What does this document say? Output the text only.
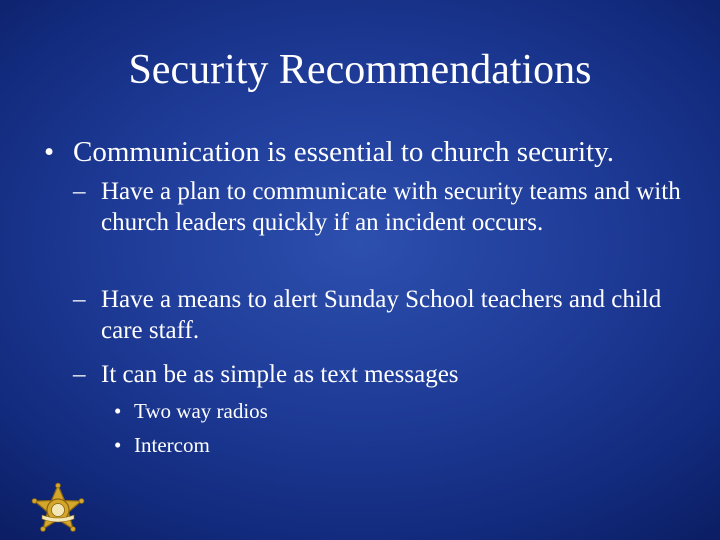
Security Recommendations
• Communication is essential to church security.
– Have a plan to communicate with security teams and with church leaders quickly if an incident occurs.
– Have a means to alert Sunday School teachers and child care staff.
– It can be as simple as text messages
• Two way radios
• Intercom
